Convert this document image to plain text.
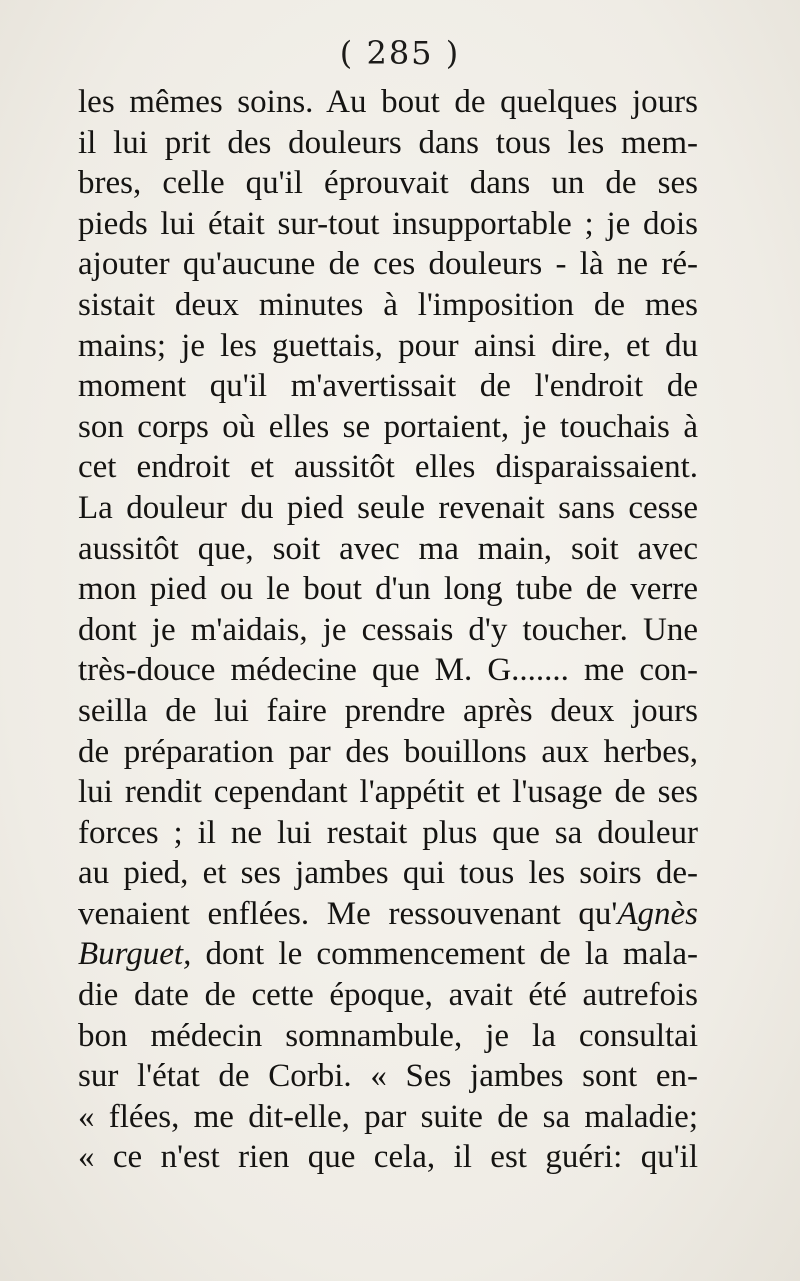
( 285 )
les mêmes soins. Au bout de quelques jours
il lui prit des douleurs dans tous les mem-
bres, celle qu'il éprouvait dans un de ses
pieds lui était sur-tout insupportable ; je dois
ajouter qu'aucune de ces douleurs - là ne ré-
sistait deux minutes à l'imposition de mes
mains; je les guettais, pour ainsi dire, et du
moment qu'il m'avertissait de l'endroit de
son corps où elles se portaient, je touchais à
cet endroit et aussitôt elles disparaissaient.
La douleur du pied seule revenait sans cesse
aussitôt que, soit avec ma main, soit avec
mon pied ou le bout d'un long tube de verre
dont je m'aidais, je cessais d'y toucher. Une
très-douce médecine que M. G....... me con-
seilla de lui faire prendre après deux jours
de préparation par des bouillons aux herbes,
lui rendit cependant l'appétit et l'usage de ses
forces ; il ne lui restait plus que sa douleur
au pied, et ses jambes qui tous les soirs de-
venaient enflées. Me ressouvenant qu'Agnès
Burguet, dont le commencement de la mala-
die date de cette époque, avait été autrefois
bon médecin somnambule, je la consultai
sur l'état de Corbi. « Ses jambes sont en-
« flées, me dit-elle, par suite de sa maladie;
« ce n'est rien que cela, il est guéri: qu'il
